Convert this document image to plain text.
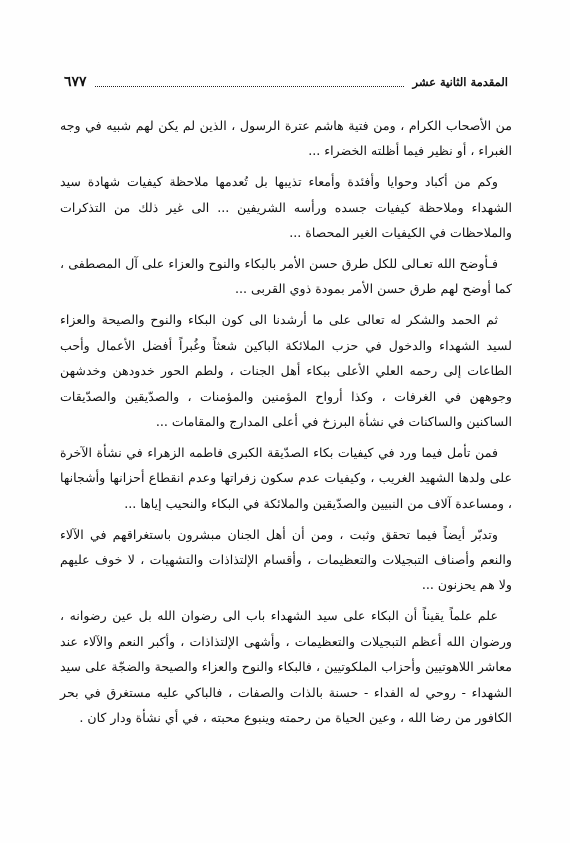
المقدمة الثانية عشر
٦٧٧

من الأصحاب الكرام ، ومن فتية هاشم عترة الرسول ، الذين لم يكن لهم شبيه في وجه الغبراء ، أو نظير فيما أظلته الخضراء ...

وكم من أكباد وحوايا وأفئدة وأمعاء تذيبها بل تُعدمها ملاحظة كيفيات شهادة سيد الشهداء وملاحظة كيفيات جسده ورأسه الشريفين ... الى غير ذلك من التذكرات والملاحظات في الكيفيات الغير المحصاة ...

فـأوضح الله تعـالى للكل طرق حسن الأمر بالبكاء والنوح والعزاء على آل المصطفى ، كما أوضح لهم طرق حسن الأمر بمودة ذوي القربى ...

ثم الحمد والشكر له تعالى على ما أرشدنا الى كون البكاء والنوح والصيحة والعزاء لسيد الشهداء والدخول في حزب الملائكة الباكين شعثاً وغُبراً أفضل الأعمال وأحب الطاعات إلى رحمه العلي الأعلى ببكاء أهل الجنات ، ولطم الحور خدودهن وخدشهن وجوههن في الغرفات ، وكذا أرواح المؤمنين والمؤمنات ، والصدّيقين والصدّيقات الساكنين والساكنات في نشأة البرزخ في أعلى المدارج والمقامات ...

فمن تأمل فيما ورد في كيفيات بكاء الصدّيقة الكبرى فاطمه الزهراء في نشأة الآخرة على ولدها الشهيد الغريب ، وكيفيات عدم سكون زفراتها وعدم انقطاع أحزانها وأشجانها ، ومساعدة آلاف من النبيين والصدّيقين والملائكة في البكاء والنحيب إياها ...

وتدبّر أيضاً فيما تحقق وثبت ، ومن أن أهل الجنان مبشرون باستغراقهم في الآلاء والنعم وأصناف التبجيلات والتعظيمات ، وأقسام الإلتذاذات والتشهيات ، لا خوف عليهم ولا هم يحزنون ...

علم علماً يقيناً أن البكاء على سيد الشهداء باب الى رضوان الله بل عين رضوانه ، ورضوان الله أعظم التبجيلات والتعظيمات ، وأشهى الإلتذاذات ، وأكبر النعم والآلاء عند معاشر اللاهوتيين وأحزاب الملكوتيين ، فالبكاء والنوح والعزاء والصيحة والضجّة على سيد الشهداء - روحي له الفداء - حسنة بالذات والصفات ، فالباكي عليه مستغرق في بحر الكافور من رضا الله ، وعين الحياة من رحمته وينبوع محبته ، في أي نشأة ودار كان .
